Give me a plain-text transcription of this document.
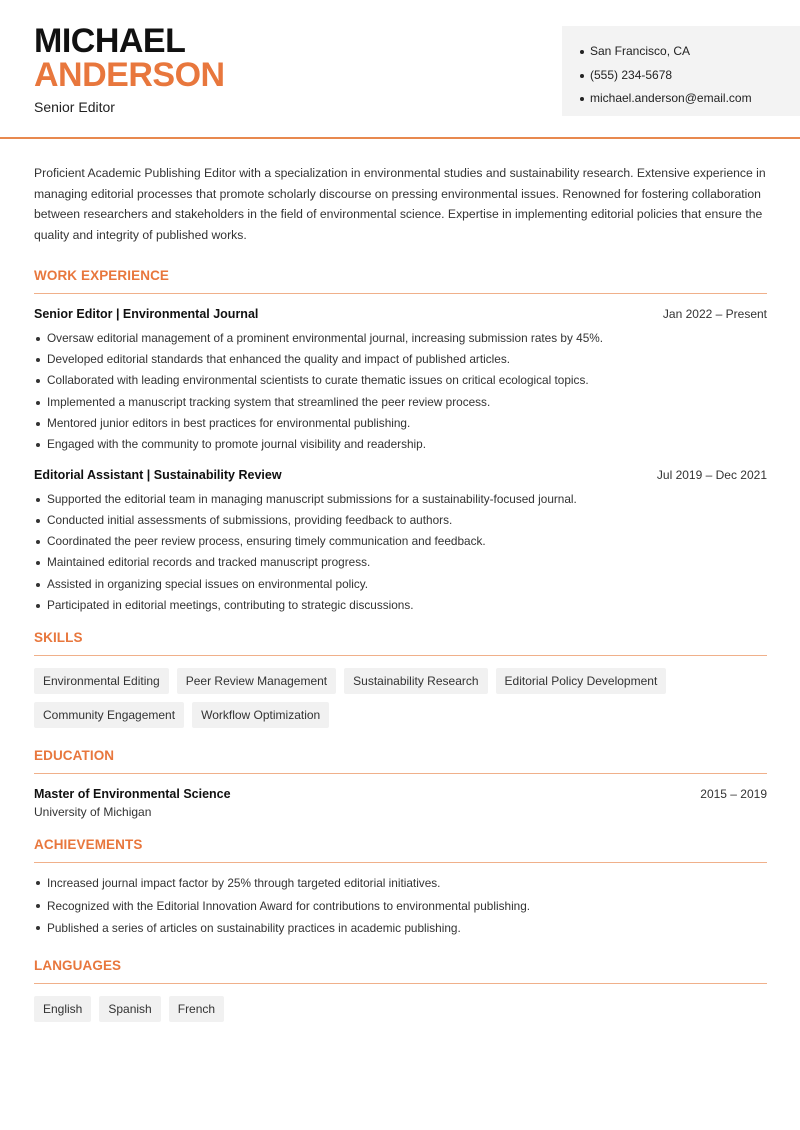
MICHAEL
ANDERSON
Senior Editor
San Francisco, CA
(555) 234-5678
michael.anderson@email.com

Proficient Academic Publishing Editor with a specialization in environmental studies and sustainability research. Extensive experience in managing editorial processes that promote scholarly discourse on pressing environmental issues. Renowned for fostering collaboration between researchers and stakeholders in the field of environmental science. Expertise in implementing editorial policies that ensure the quality and integrity of published works.

WORK EXPERIENCE
Senior Editor | Environmental Journal	Jan 2022 – Present
Oversaw editorial management of a prominent environmental journal, increasing submission rates by 45%.
Developed editorial standards that enhanced the quality and impact of published articles.
Collaborated with leading environmental scientists to curate thematic issues on critical ecological topics.
Implemented a manuscript tracking system that streamlined the peer review process.
Mentored junior editors in best practices for environmental publishing.
Engaged with the community to promote journal visibility and readership.
Editorial Assistant | Sustainability Review	Jul 2019 – Dec 2021
Supported the editorial team in managing manuscript submissions for a sustainability-focused journal.
Conducted initial assessments of submissions, providing feedback to authors.
Coordinated the peer review process, ensuring timely communication and feedback.
Maintained editorial records and tracked manuscript progress.
Assisted in organizing special issues on environmental policy.
Participated in editorial meetings, contributing to strategic discussions.
SKILLS
Environmental Editing	Peer Review Management	Sustainability Research	Editorial Policy Development
Community Engagement	Workflow Optimization
EDUCATION
Master of Environmental Science	2015 – 2019
University of Michigan
ACHIEVEMENTS
Increased journal impact factor by 25% through targeted editorial initiatives.
Recognized with the Editorial Innovation Award for contributions to environmental publishing.
Published a series of articles on sustainability practices in academic publishing.
LANGUAGES
English	Spanish	French
